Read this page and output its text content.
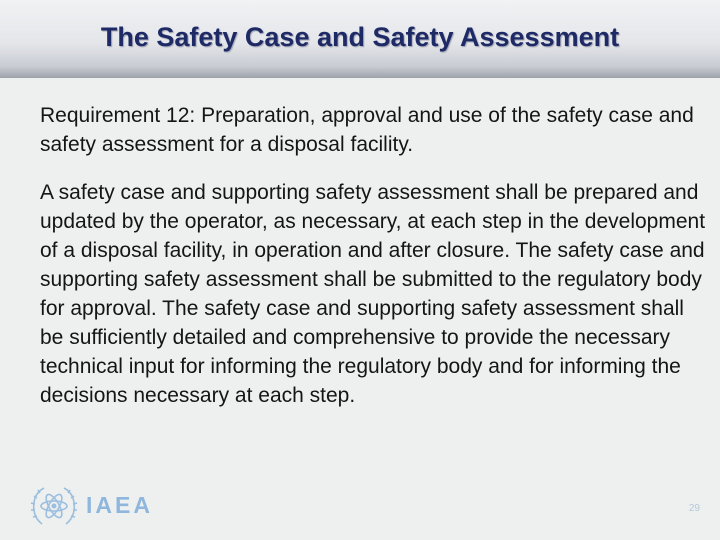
The Safety Case and Safety Assessment

Requirement 12: Preparation, approval and use of the safety case and safety assessment for a disposal facility.

A safety case and supporting safety assessment shall be prepared and updated by the operator, as necessary, at each step in the development of a disposal facility, in operation and after closure. The safety case and supporting safety assessment shall be submitted to the regulatory body for approval. The safety case and supporting safety assessment shall be sufficiently detailed and comprehensive to provide the necessary technical input for informing the regulatory body and for informing the decisions necessary at each step.

IAEA	29
